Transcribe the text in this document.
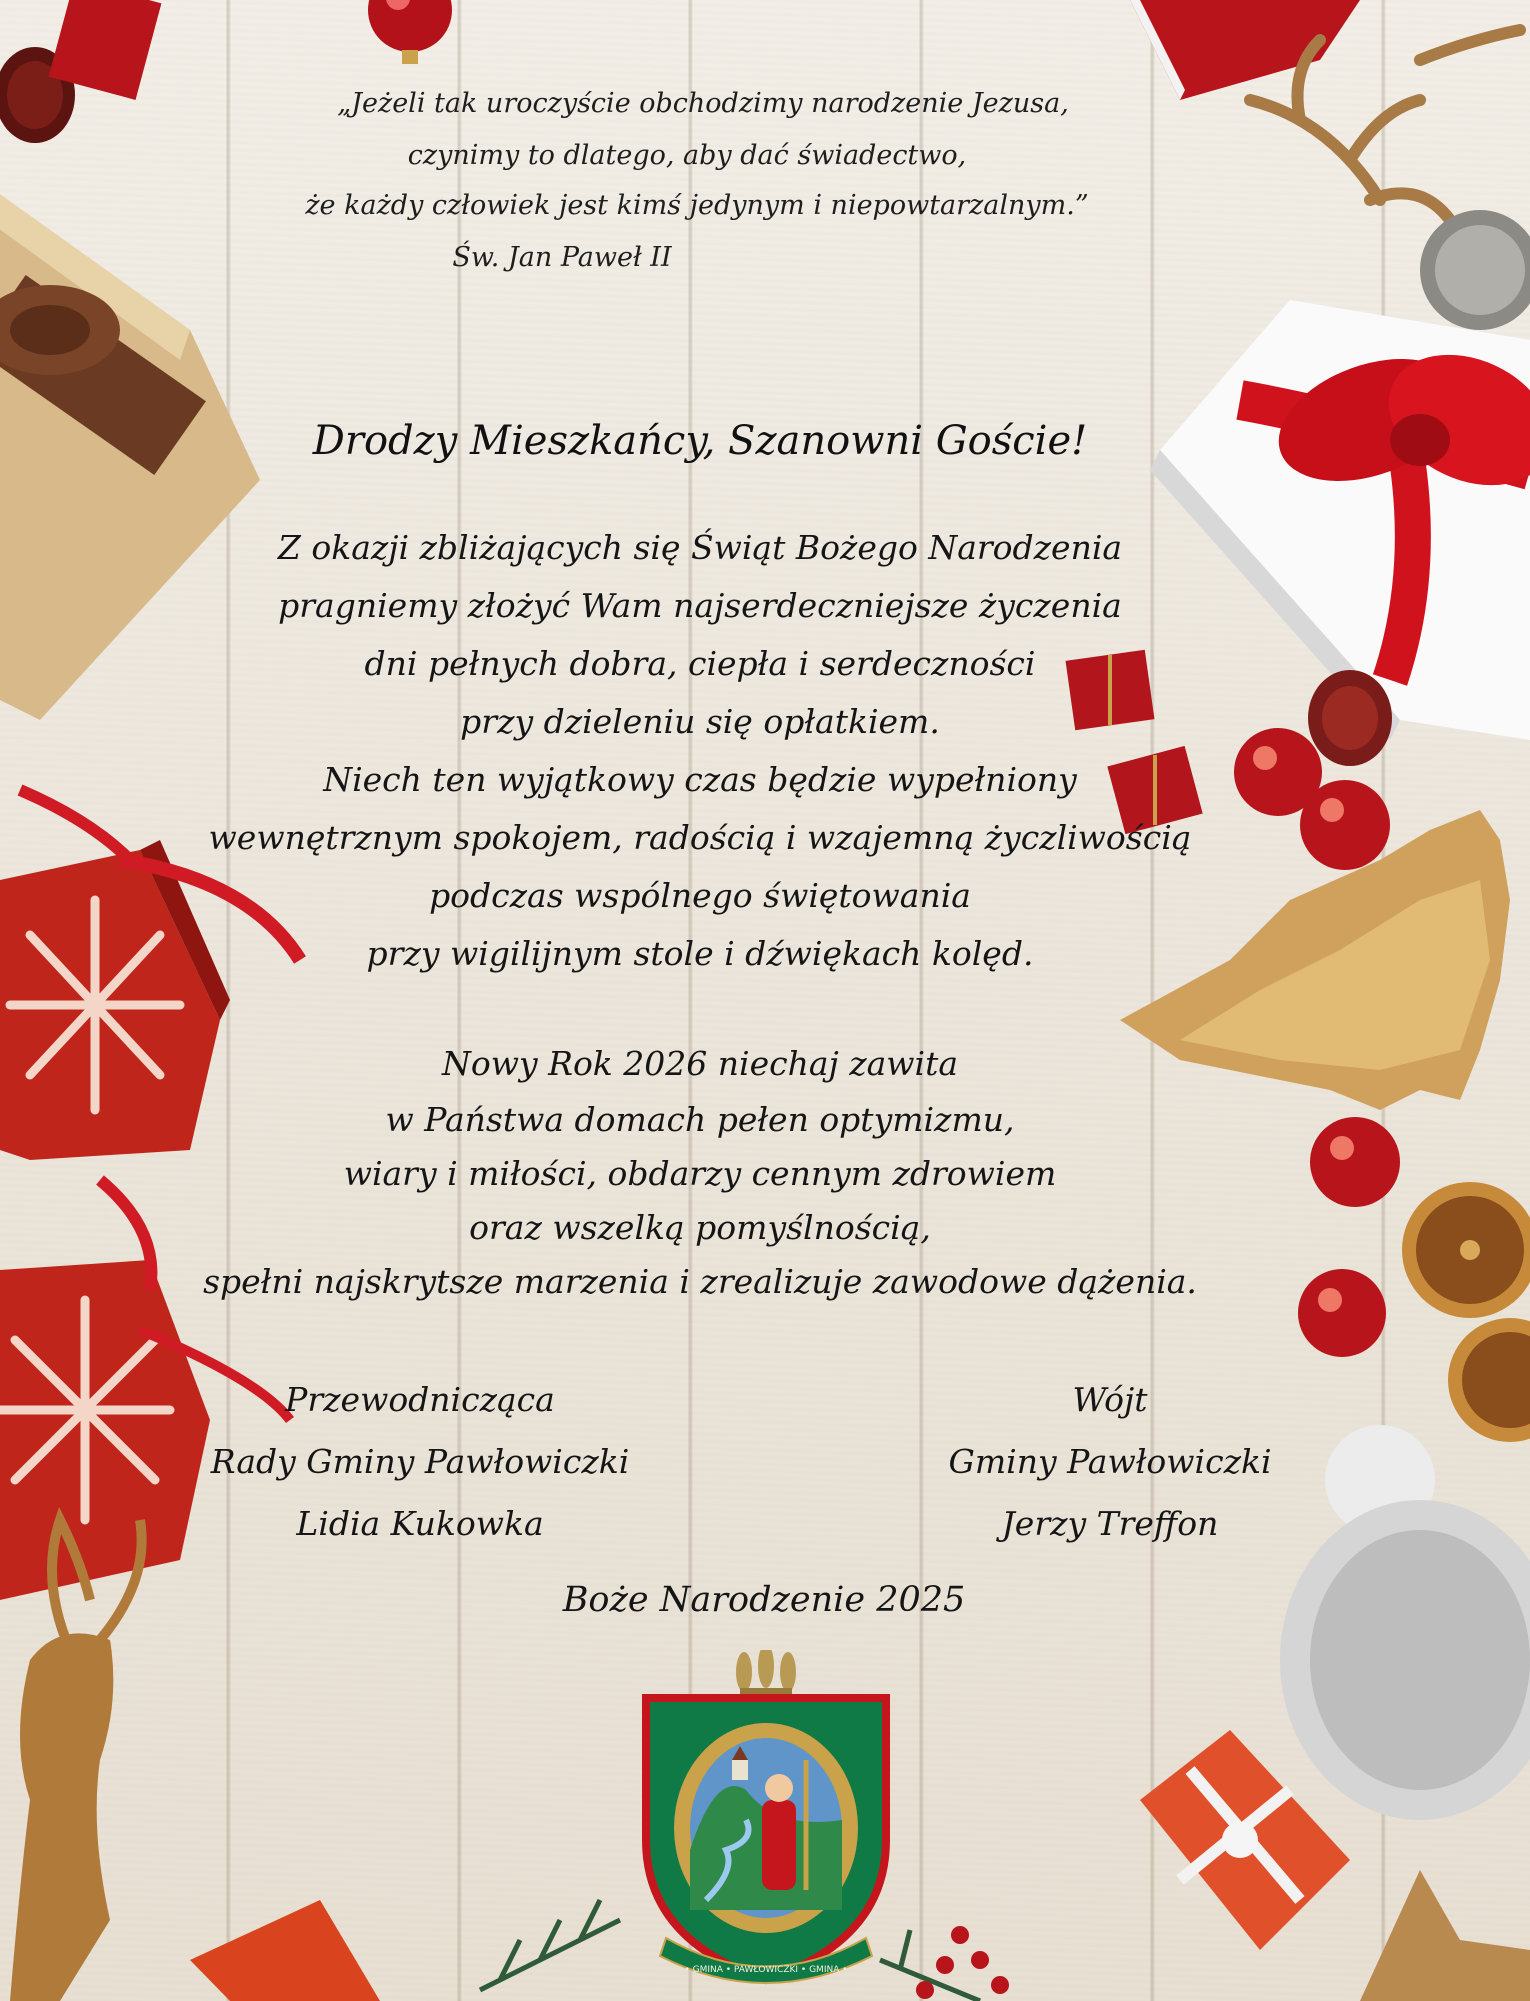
„Jeżeli tak uroczyście obchodzimy narodzenie Jezusa,
czynimy to dlatego, aby dać świadectwo,
że każdy człowiek jest kimś jedynym i niepowtarzalnym.”
Św. Jan Paweł II
Drodzy Mieszkańcy, Szanowni Goście!
Z okazji zbliżających się Świąt Bożego Narodzenia
pragniemy złożyć Wam najserdeczniejsze życzenia
dni pełnych dobra, ciepła i serdeczności
przy dzieleniu się opłatkiem.
Niech ten wyjątkowy czas będzie wypełniony
wewnętrznym spokojem, radością i wzajemną życzliwością
podczas wspólnego świętowania
przy wigilijnym stole i dźwiękach kolęd.
Nowy Rok 2026 niechaj zawita
w Państwa domach pełen optymizmu,
wiary i miłości, obdarzy cennym zdrowiem
oraz wszelką pomyślnością,
spełni najskrytsze marzenia i zrealizuje zawodowe dążenia.
Przewodnicząca
Rady Gminy Pawłowiczki
Lidia Kukowka
Wójt
Gminy Pawłowiczki
Jerzy Treffon
Boże Narodzenie 2025
• GMINA • PAWŁOWICZKI • GMINA •
